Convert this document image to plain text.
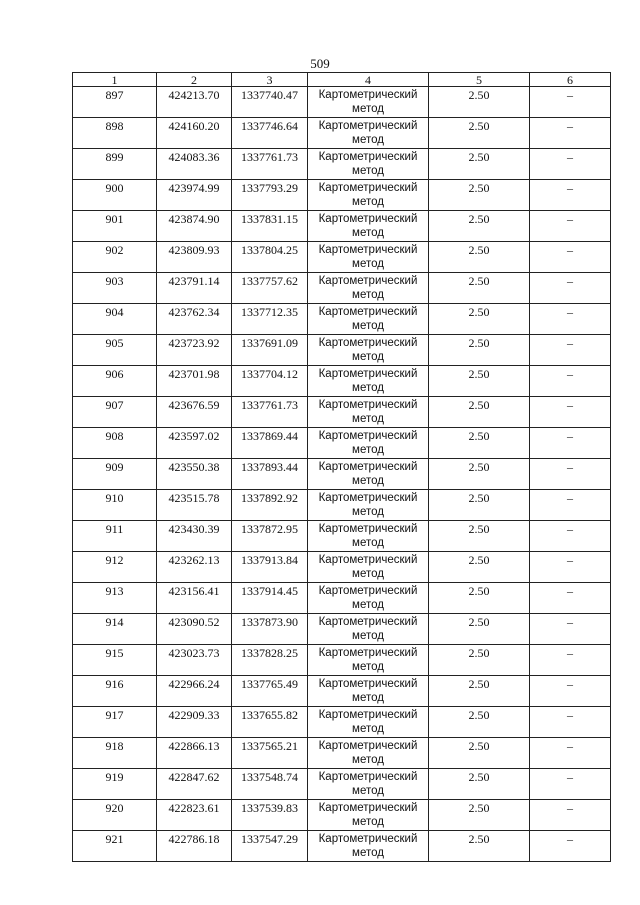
509
1	2	3	4	5	6
897	424213.70	1337740.47	Картометрический метод	2.50	–
898	424160.20	1337746.64	Картометрический метод	2.50	–
899	424083.36	1337761.73	Картометрический метод	2.50	–
900	423974.99	1337793.29	Картометрический метод	2.50	–
901	423874.90	1337831.15	Картометрический метод	2.50	–
902	423809.93	1337804.25	Картометрический метод	2.50	–
903	423791.14	1337757.62	Картометрический метод	2.50	–
904	423762.34	1337712.35	Картометрический метод	2.50	–
905	423723.92	1337691.09	Картометрический метод	2.50	–
906	423701.98	1337704.12	Картометрический метод	2.50	–
907	423676.59	1337761.73	Картометрический метод	2.50	–
908	423597.02	1337869.44	Картометрический метод	2.50	–
909	423550.38	1337893.44	Картометрический метод	2.50	–
910	423515.78	1337892.92	Картометрический метод	2.50	–
911	423430.39	1337872.95	Картометрический метод	2.50	–
912	423262.13	1337913.84	Картометрический метод	2.50	–
913	423156.41	1337914.45	Картометрический метод	2.50	–
914	423090.52	1337873.90	Картометрический метод	2.50	–
915	423023.73	1337828.25	Картометрический метод	2.50	–
916	422966.24	1337765.49	Картометрический метод	2.50	–
917	422909.33	1337655.82	Картометрический метод	2.50	–
918	422866.13	1337565.21	Картометрический метод	2.50	–
919	422847.62	1337548.74	Картометрический метод	2.50	–
920	422823.61	1337539.83	Картометрический метод	2.50	–
921	422786.18	1337547.29	Картометрический метод	2.50	–
